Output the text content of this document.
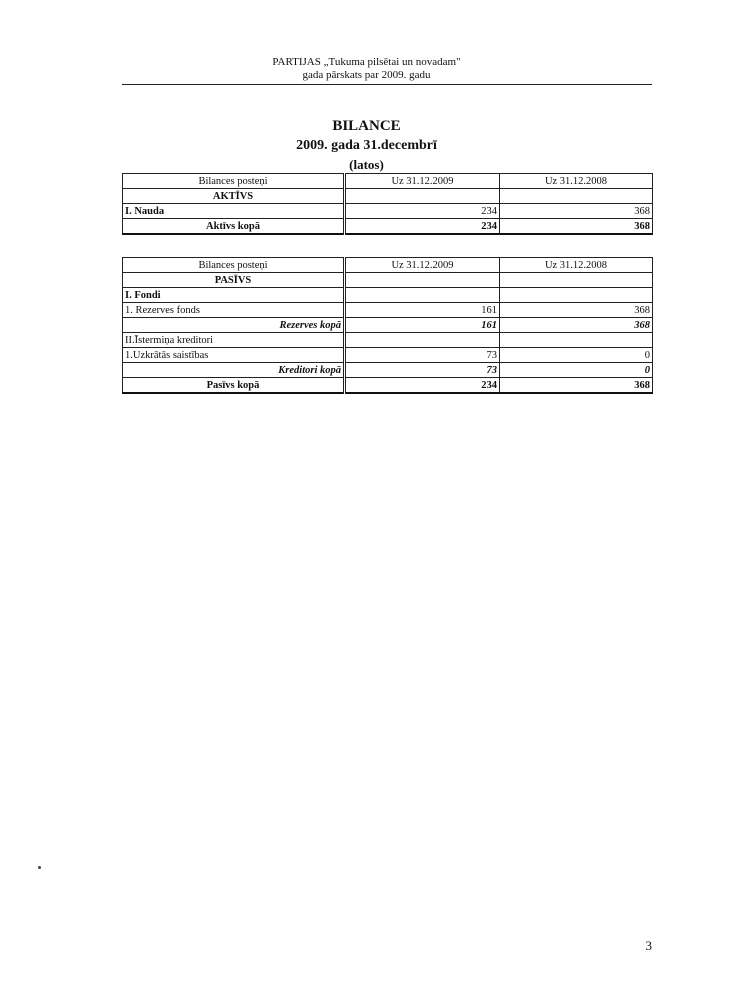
PARTIJAS „Tukuma pilsētai un novadam"
gada pārskats par 2009. gadu
BILANCE
2009. gada 31.decembrī
(latos)
Bilances posteņi	Uz 31.12.2009	Uz 31.12.2008
AKTĪVS		
I. Nauda	234	368
Aktīvs kopā	234	368
Bilances posteņi	Uz 31.12.2009	Uz 31.12.2008
PASĪVS		
I. Fondi		
1. Rezerves fonds	161	368
Rezerves kopā	161	368
II.Īstermiņa kreditori		
1.Uzkrātās saistības	73	0
Kreditori kopā	73	0
Pasīvs kopā	234	368
3
